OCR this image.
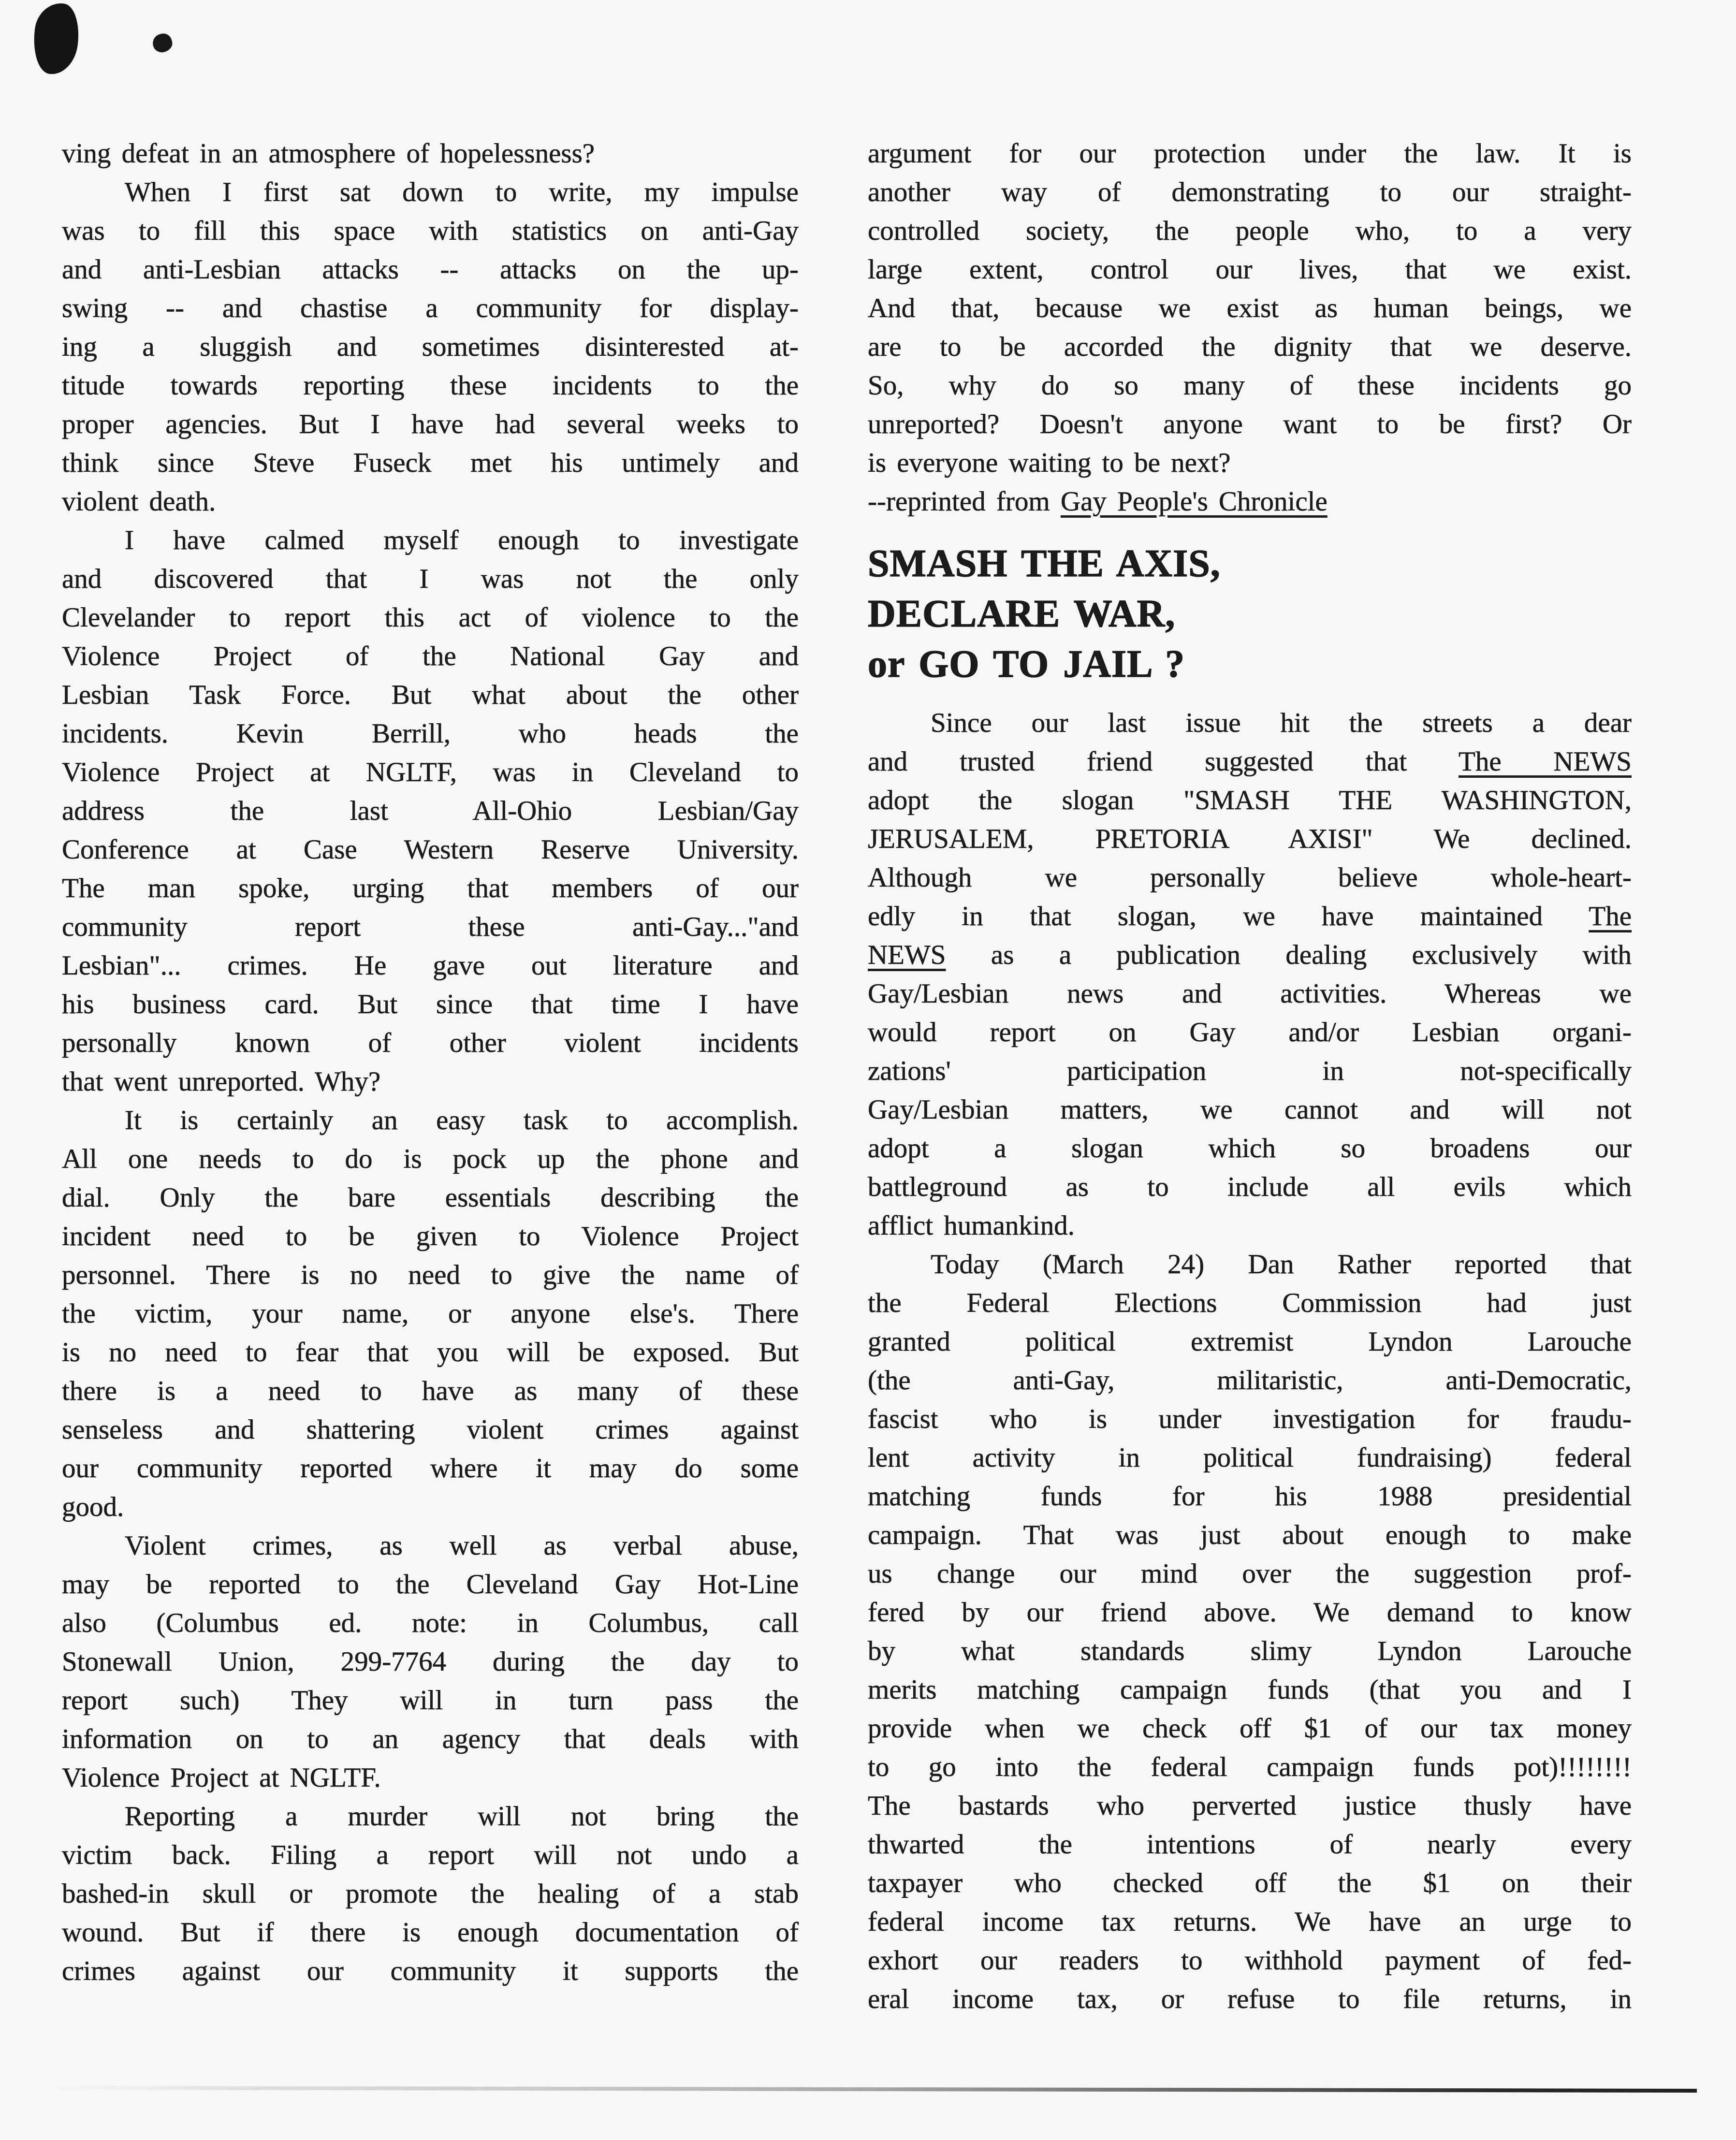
ving defeat in an atmosphere of hopelessness?
When I first sat down to write, my impulse
was to fill this space with statistics on anti-Gay
and anti-Lesbian attacks -- attacks on the up-
swing -- and chastise a community for display-
ing a sluggish and sometimes disinterested at-
titude towards reporting these incidents to the
proper agencies. But I have had several weeks to
think since Steve Fuseck met his untimely and
violent death.
I have calmed myself enough to investigate
and discovered that I was not the only
Clevelander to report this act of violence to the
Violence Project of the National Gay and
Lesbian Task Force. But what about the other
incidents. Kevin Berrill, who heads the
Violence Project at NGLTF, was in Cleveland to
address the last All-Ohio Lesbian/Gay
Conference at Case Western Reserve University.
The man spoke, urging that members of our
community report these anti-Gay..."and
Lesbian"... crimes. He gave out literature and
his business card. But since that time I have
personally known of other violent incidents
that went unreported. Why?
It is certainly an easy task to accomplish.
All one needs to do is pock up the phone and
dial. Only the bare essentials describing the
incident need to be given to Violence Project
personnel. There is no need to give the name of
the victim, your name, or anyone else's. There
is no need to fear that you will be exposed. But
there is a need to have as many of these
senseless and shattering violent crimes against
our community reported where it may do some
good.
Violent crimes, as well as verbal abuse,
may be reported to the Cleveland Gay Hot-Line
also (Columbus ed. note: in Columbus, call
Stonewall Union, 299-7764 during the day to
report such) They will in turn pass the
information on to an agency that deals with
Violence Project at NGLTF.
Reporting a murder will not bring the
victim back. Filing a report will not undo a
bashed-in skull or promote the healing of a stab
wound. But if there is enough documentation of
crimes against our community it supports the
argument for our protection under the law. It is
another way of demonstrating to our straight-
controlled society, the people who, to a very
large extent, control our lives, that we exist.
And that, because we exist as human beings, we
are to be accorded the dignity that we deserve.
So, why do so many of these incidents go
unreported? Doesn't anyone want to be first? Or
is everyone waiting to be next?
--reprinted from Gay People's Chronicle
SMASH THE AXIS,
DECLARE WAR,
or GO TO JAIL ?
Since our last issue hit the streets a dear
and trusted friend suggested that The NEWS
adopt the slogan "SMASH THE WASHINGTON,
JERUSALEM, PRETORIA AXISI" We declined.
Although we personally believe whole-heart-
edly in that slogan, we have maintained The
NEWS as a publication dealing exclusively with
Gay/Lesbian news and activities. Whereas we
would report on Gay and/or Lesbian organi-
zations' participation in not-specifically
Gay/Lesbian matters, we cannot and will not
adopt a slogan which so broadens our
battleground as to include all evils which
afflict humankind.
Today (March 24) Dan Rather reported that
the Federal Elections Commission had just
granted political extremist Lyndon Larouche
(the anti-Gay, militaristic, anti-Democratic,
fascist who is under investigation for fraudu-
lent activity in political fundraising) federal
matching funds for his 1988 presidential
campaign. That was just about enough to make
us change our mind over the suggestion prof-
fered by our friend above. We demand to know
by what standards slimy Lyndon Larouche
merits matching campaign funds (that you and I
provide when we check off $1 of our tax money
to go into the federal campaign funds pot)!!!!!!!!
The bastards who perverted justice thusly have
thwarted the intentions of nearly every
taxpayer who checked off the $1 on their
federal income tax returns. We have an urge to
exhort our readers to withhold payment of fed-
eral income tax, or refuse to file returns, in
